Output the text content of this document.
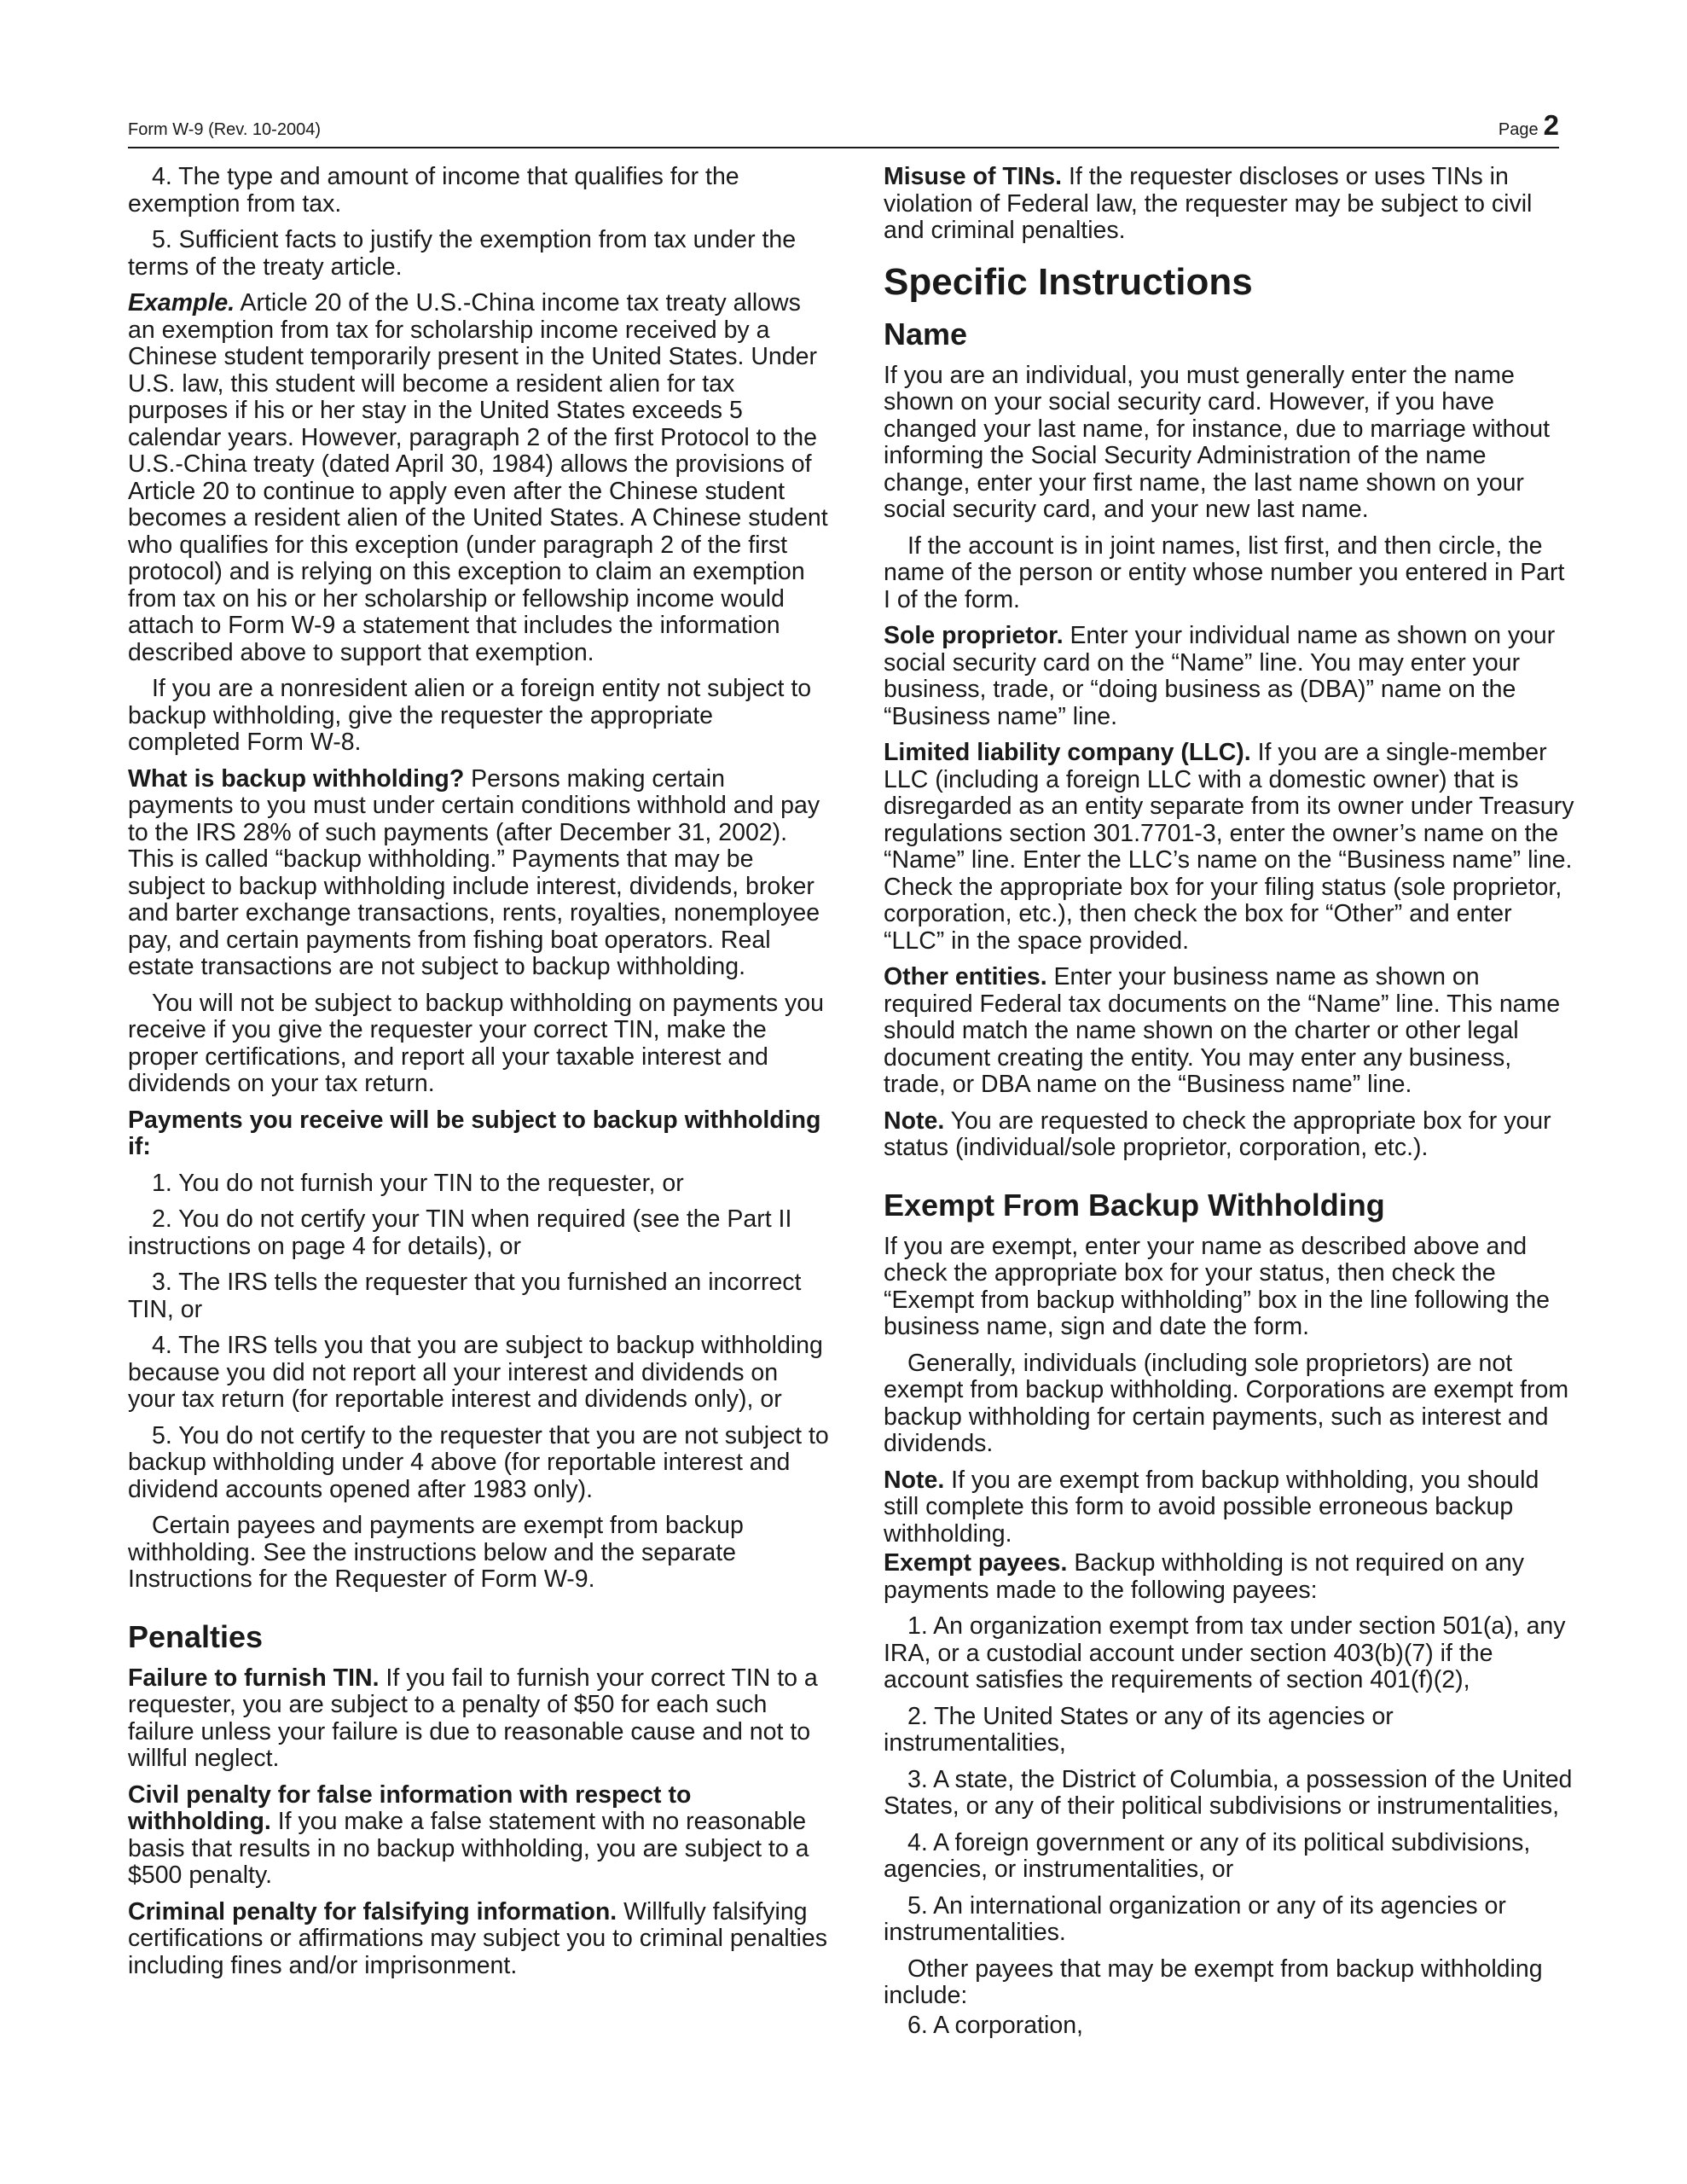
Form W-9 (Rev. 10-2004)	Page 2

4. The type and amount of income that qualifies for the exemption from tax.

5. Sufficient facts to justify the exemption from tax under the terms of the treaty article.

Example. Article 20 of the U.S.-China income tax treaty allows an exemption from tax for scholarship income received by a Chinese student temporarily present in the United States. Under U.S. law, this student will become a resident alien for tax purposes if his or her stay in the United States exceeds 5 calendar years. However, paragraph 2 of the first Protocol to the U.S.-China treaty (dated April 30, 1984) allows the provisions of Article 20 to continue to apply even after the Chinese student becomes a resident alien of the United States. A Chinese student who qualifies for this exception (under paragraph 2 of the first protocol) and is relying on this exception to claim an exemption from tax on his or her scholarship or fellowship income would attach to Form W-9 a statement that includes the information described above to support that exemption.

If you are a nonresident alien or a foreign entity not subject to backup withholding, give the requester the appropriate completed Form W-8.

What is backup withholding? Persons making certain payments to you must under certain conditions withhold and pay to the IRS 28% of such payments (after December 31, 2002). This is called “backup withholding.” Payments that may be subject to backup withholding include interest, dividends, broker and barter exchange transactions, rents, royalties, nonemployee pay, and certain payments from fishing boat operators. Real estate transactions are not subject to backup withholding.

You will not be subject to backup withholding on payments you receive if you give the requester your correct TIN, make the proper certifications, and report all your taxable interest and dividends on your tax return.

Payments you receive will be subject to backup withholding if:

1. You do not furnish your TIN to the requester, or

2. You do not certify your TIN when required (see the Part II instructions on page 4 for details), or

3. The IRS tells the requester that you furnished an incorrect TIN, or

4. The IRS tells you that you are subject to backup withholding because you did not report all your interest and dividends on your tax return (for reportable interest and dividends only), or

5. You do not certify to the requester that you are not subject to backup withholding under 4 above (for reportable interest and dividend accounts opened after 1983 only).

Certain payees and payments are exempt from backup withholding. See the instructions below and the separate Instructions for the Requester of Form W-9.

Penalties

Failure to furnish TIN. If you fail to furnish your correct TIN to a requester, you are subject to a penalty of $50 for each such failure unless your failure is due to reasonable cause and not to willful neglect.

Civil penalty for false information with respect to withholding. If you make a false statement with no reasonable basis that results in no backup withholding, you are subject to a $500 penalty.

Criminal penalty for falsifying information. Willfully falsifying certifications or affirmations may subject you to criminal penalties including fines and/or imprisonment.

Misuse of TINs. If the requester discloses or uses TINs in violation of Federal law, the requester may be subject to civil and criminal penalties.

Specific Instructions
Name

If you are an individual, you must generally enter the name shown on your social security card. However, if you have changed your last name, for instance, due to marriage without informing the Social Security Administration of the name change, enter your first name, the last name shown on your social security card, and your new last name.

If the account is in joint names, list first, and then circle, the name of the person or entity whose number you entered in Part I of the form.

Sole proprietor. Enter your individual name as shown on your social security card on the “Name” line. You may enter your business, trade, or “doing business as (DBA)” name on the “Business name” line.

Limited liability company (LLC). If you are a single-member LLC (including a foreign LLC with a domestic owner) that is disregarded as an entity separate from its owner under Treasury regulations section 301.7701-3, enter the owner’s name on the “Name” line. Enter the LLC’s name on the “Business name” line. Check the appropriate box for your filing status (sole proprietor, corporation, etc.), then check the box for “Other” and enter “LLC” in the space provided.

Other entities. Enter your business name as shown on required Federal tax documents on the “Name” line. This name should match the name shown on the charter or other legal document creating the entity. You may enter any business, trade, or DBA name on the “Business name” line.

Note. You are requested to check the appropriate box for your status (individual/sole proprietor, corporation, etc.).

Exempt From Backup Withholding

If you are exempt, enter your name as described above and check the appropriate box for your status, then check the “Exempt from backup withholding” box in the line following the business name, sign and date the form.

Generally, individuals (including sole proprietors) are not exempt from backup withholding. Corporations are exempt from backup withholding for certain payments, such as interest and dividends.

Note. If you are exempt from backup withholding, you should still complete this form to avoid possible erroneous backup withholding.

Exempt payees. Backup withholding is not required on any payments made to the following payees:

1. An organization exempt from tax under section 501(a), any IRA, or a custodial account under section 403(b)(7) if the account satisfies the requirements of section 401(f)(2),

2. The United States or any of its agencies or instrumentalities,

3. A state, the District of Columbia, a possession of the United States, or any of their political subdivisions or instrumentalities,

4. A foreign government or any of its political subdivisions, agencies, or instrumentalities, or

5. An international organization or any of its agencies or instrumentalities.

Other payees that may be exempt from backup withholding include:

6. A corporation,
